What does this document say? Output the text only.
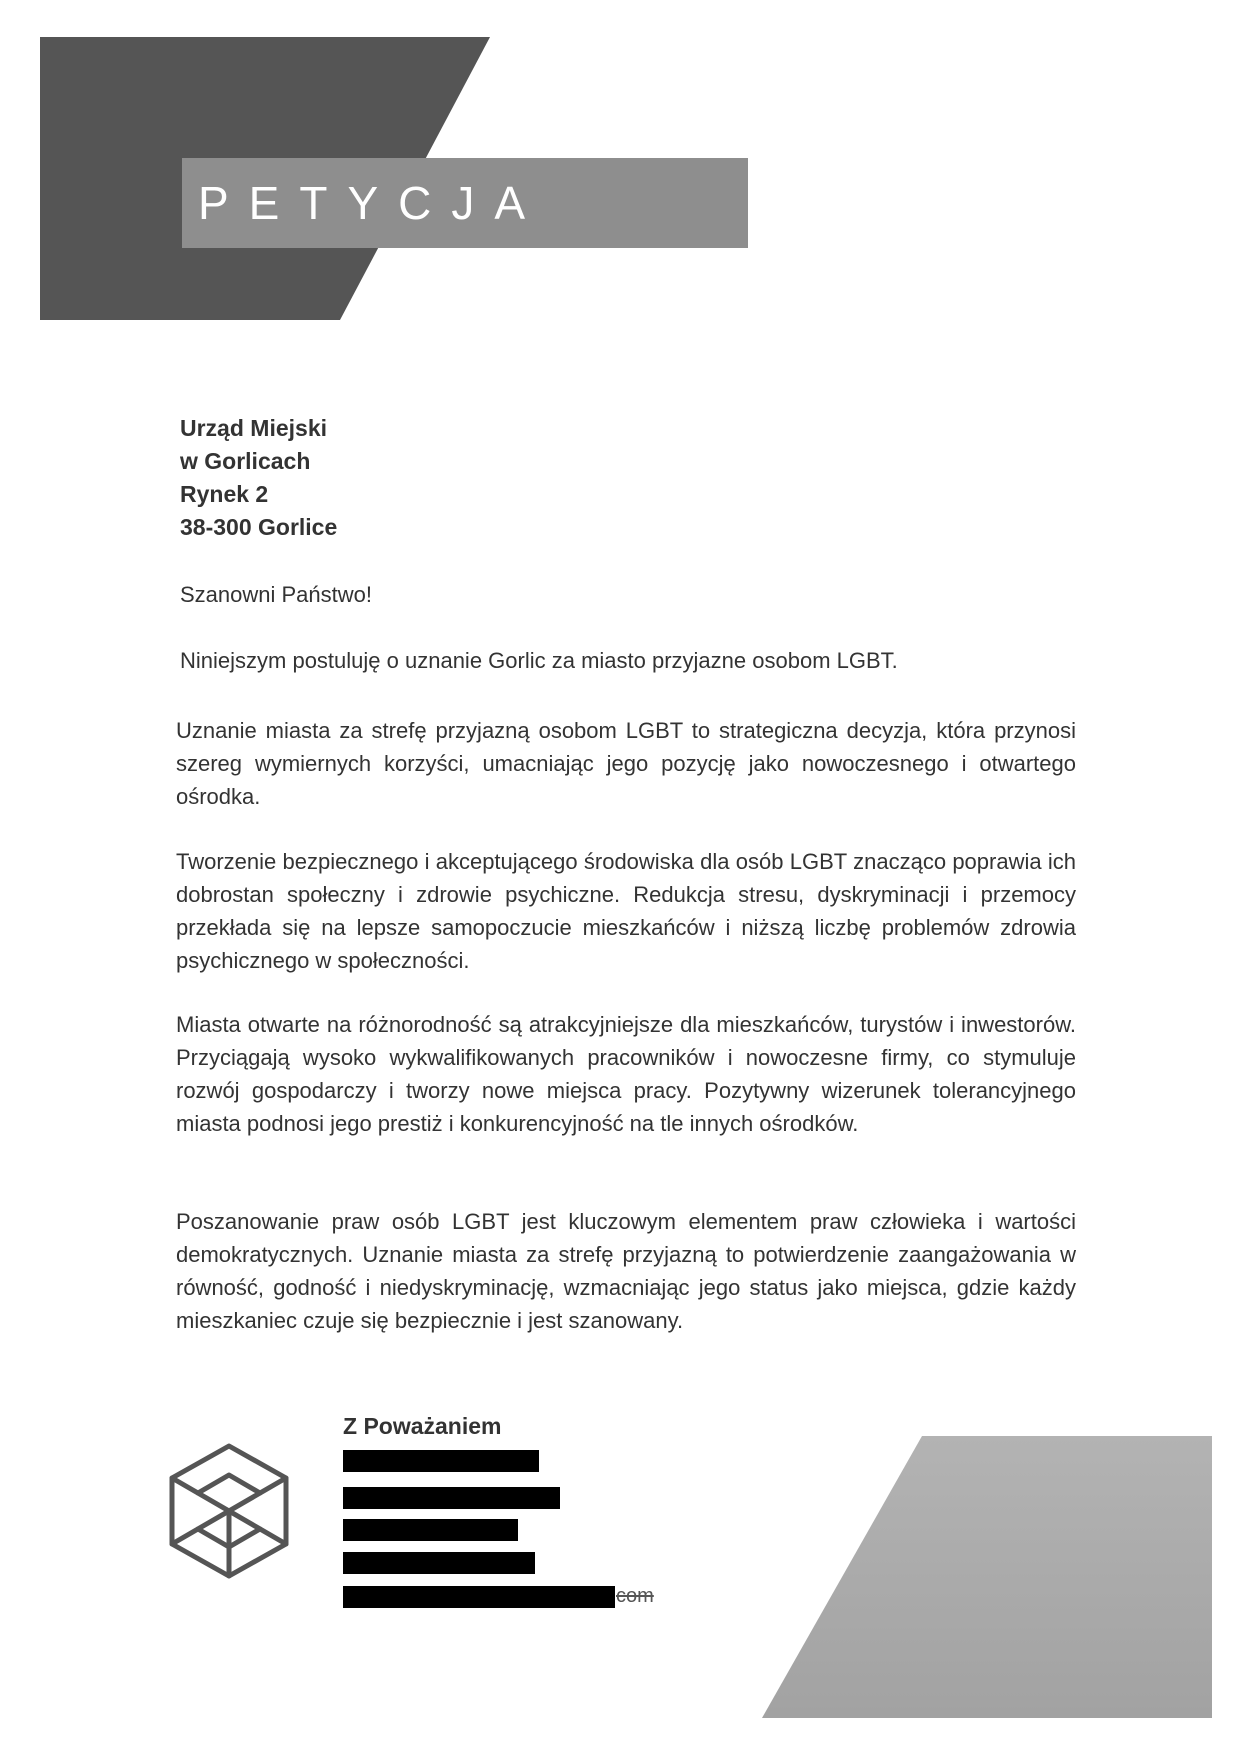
PETYCJA
Urząd Miejski
w Gorlicach
Rynek 2
38-300 Gorlice
Szanowni Państwo!
Niniejszym postuluję o uznanie Gorlic za miasto przyjazne osobom LGBT.
Uznanie miasta za strefę przyjazną osobom LGBT to strategiczna decyzja, która przynosi szereg wymiernych korzyści, umacniając jego pozycję jako nowoczesnego i otwartego ośrodka.
Tworzenie bezpiecznego i akceptującego środowiska dla osób LGBT znacząco poprawia ich dobrostan społeczny i zdrowie psychiczne. Redukcja stresu, dyskryminacji i przemocy przekłada się na lepsze samopoczucie mieszkańców i niższą liczbę problemów zdrowia psychicznego w społeczności.
Miasta otwarte na różnorodność są atrakcyjniejsze dla mieszkańców, turystów i inwestorów. Przyciągają wysoko wykwalifikowanych pracowników i nowoczesne firmy, co stymuluje rozwój gospodarczy i tworzy nowe miejsca pracy. Pozytywny wizerunek tolerancyjnego miasta podnosi jego prestiż i konkurencyjność na tle innych ośrodków.
Poszanowanie praw osób LGBT jest kluczowym elementem praw człowieka i wartości demokratycznych. Uznanie miasta za strefę przyjazną to potwierdzenie zaangażowania w równość, godność i niedyskryminację, wzmacniając jego status jako miejsca, gdzie każdy mieszkaniec czuje się bezpiecznie i jest szanowany.
Z Poważaniem
com
